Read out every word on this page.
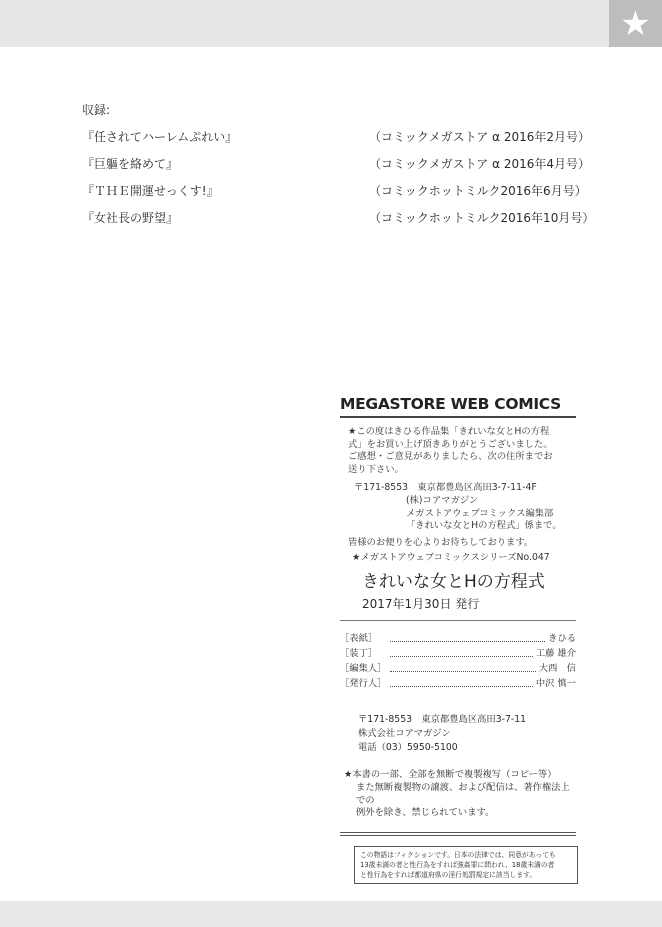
★
収録:
『任されてハーレムぷれい』	（コミックメガストア α 2016年2月号）
『巨軀を絡めて』	（コミックメガストア α 2016年4月号）
『ＴＨＥ開運せっくす!』	（コミックホットミルク2016年6月号）
『女社長の野望』	（コミックホットミルク2016年10月号）
MEGASTORE WEB COMICS
★この度はきひる作品集「きれいな女とHの方程
式」をお買い上げ頂きありがとうございました。
ご感想・ご意見がありましたら、次の住所までお
送り下さい。
〒171-8553　東京都豊島区高田3-7-11-4F
(株)コアマガジン
メガストアウェブコミックス編集部
「きれいな女とHの方程式」係まで。
皆様のお便りを心よりお待ちしております。
★メガストアウェブコミックスシリーズNo.047
きれいな女とHの方程式
2017年1月30日 発行
［表紙］	きひる
［装丁］	工藤 雄介
［編集人］	大西　信
［発行人］	中沢 慎一
〒171-8553　東京都豊島区高田3-7-11
株式会社コアマガジン
電話（03）5950-5100
★本書の一部、全部を無断で複製複写（コピー等）
また無断複製物の譲渡、および配信は、著作権法上での
例外を除き、禁じられています。
この物語はフィクションです。日本の法律では、同意があっても
13歳未満の者と性行為をすれば強姦罪に問われ、18歳未満の者
と性行為をすれば都道府県の淫行処罰規定に該当します。
